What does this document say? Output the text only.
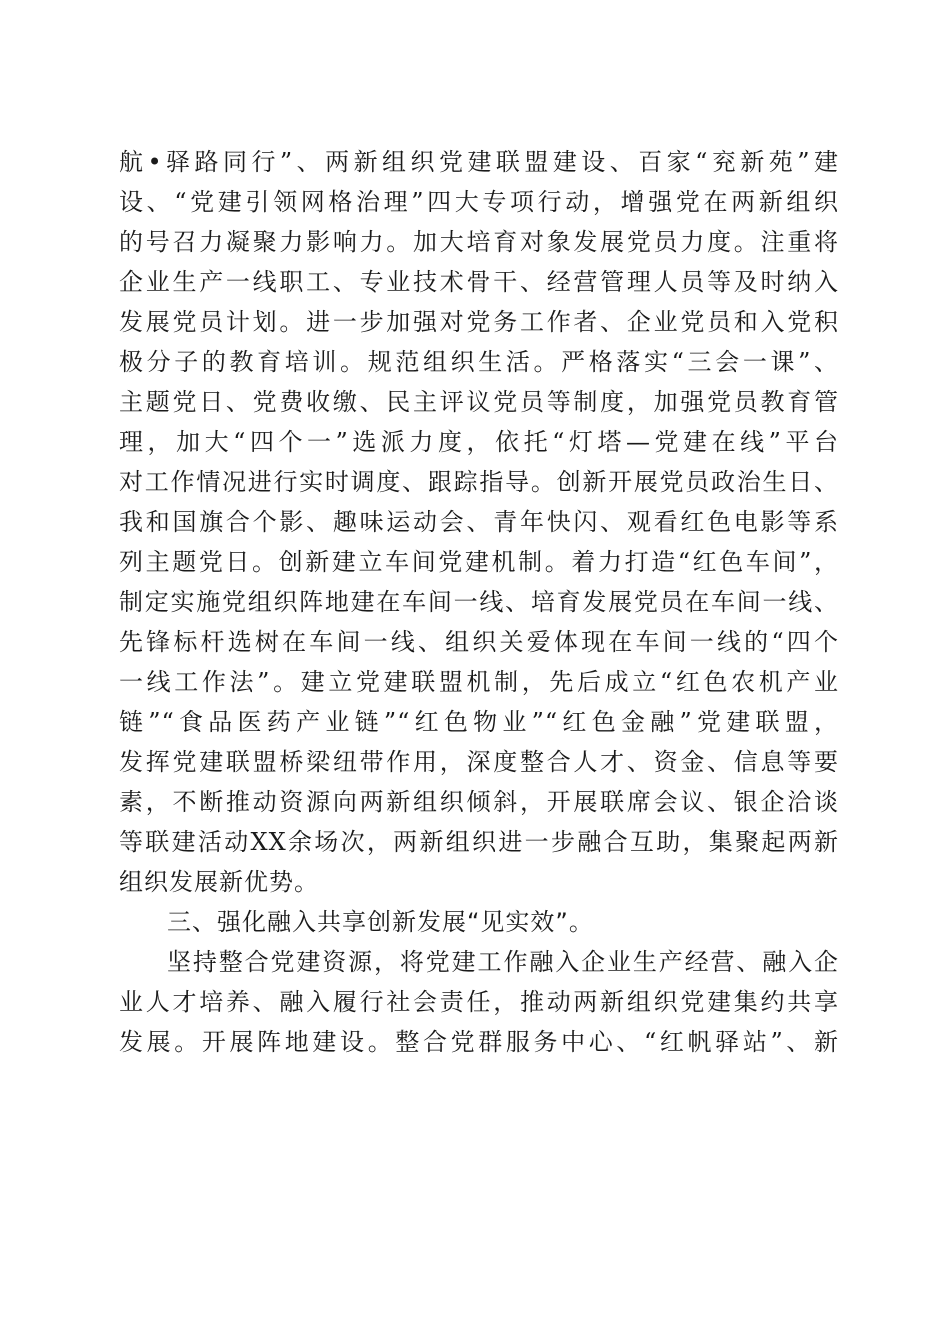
航•驿路同行”、两新组织党建联盟建设、百家“兖新苑”建
设、“党建引领网格治理”四大专项行动，增强党在两新组织
的号召力凝聚力影响力。加大培育对象发展党员力度。注重将
企业生产一线职工、专业技术骨干、经营管理人员等及时纳入
发展党员计划。进一步加强对党务工作者、企业党员和入党积
极分子的教育培训。规范组织生活。严格落实“三会一课”、
主题党日、党费收缴、民主评议党员等制度，加强党员教育管
理，加大“四个一”选派力度，依托“灯塔—党建在线”平台
对工作情况进行实时调度、跟踪指导。创新开展党员政治生日、
我和国旗合个影、趣味运动会、青年快闪、观看红色电影等系
列主题党日。创新建立车间党建机制。着力打造“红色车间”，
制定实施党组织阵地建在车间一线、培育发展党员在车间一线、
先锋标杆选树在车间一线、组织关爱体现在车间一线的“四个
一线工作法”。建立党建联盟机制，先后成立“红色农机产业
链”“食品医药产业链”“红色物业”“红色金融”党建联盟，
发挥党建联盟桥梁纽带作用，深度整合人才、资金、信息等要
素，不断推动资源向两新组织倾斜，开展联席会议、银企洽谈
等联建活动XX余场次，两新组织进一步融合互助，集聚起两新
组织发展新优势。
三、强化融入共享创新发展“见实效”。
坚持整合党建资源，将党建工作融入企业生产经营、融入企
业人才培养、融入履行社会责任，推动两新组织党建集约共享
发展。开展阵地建设。整合党群服务中心、“红帆驿站”、新
